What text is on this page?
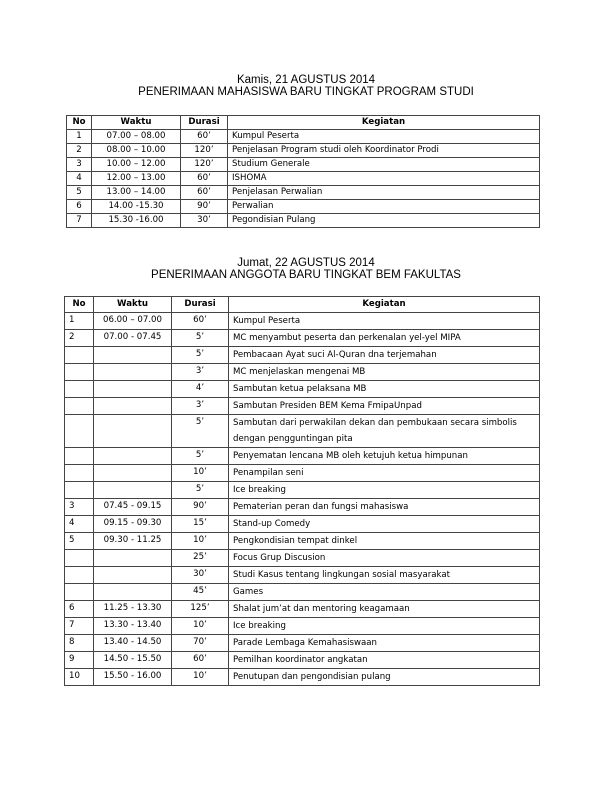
Kamis, 21 AGUSTUS 2014
PENERIMAAN MAHASISWA BARU TINGKAT PROGRAM STUDI
No	Waktu	Durasi	Kegiatan
1	07.00 – 08.00	60’	Kumpul Peserta
2	08.00 – 10.00	120’	Penjelasan Program studi oleh Koordinator Prodi
3	10.00 – 12.00	120’	Studium Generale
4	12.00 – 13.00	60’	ISHOMA
5	13.00 – 14.00	60’	Penjelasan Perwalian
6	14.00 -15.30	90’	Perwalian
7	15.30 -16.00	30’	Pegondisian Pulang
Jumat, 22 AGUSTUS 2014
PENERIMAAN ANGGOTA BARU TINGKAT BEM FAKULTAS
No	Waktu	Durasi	Kegiatan
1	06.00 – 07.00	60’	Kumpul Peserta
2	07.00 - 07.45	5’	MC menyambut peserta dan perkenalan yel-yel MIPA
		5’	Pembacaan Ayat suci Al-Quran dna terjemahan
		3’	MC menjelaskan mengenai MB
		4’	Sambutan ketua pelaksana MB
		3’	Sambutan Presiden BEM Kema FmipaUnpad
		5’	Sambutan dari perwakilan dekan dan pembukaan secara simbolis dengan pengguntingan pita
		5’	Penyematan lencana MB oleh ketujuh ketua himpunan
		10’	Penampilan seni
		5’	Ice breaking
3	07.45 - 09.15	90’	Pematerian peran dan fungsi mahasiswa
4	09.15 - 09.30	15’	Stand-up Comedy
5	09.30 - 11.25	10’	Pengkondisian tempat dinkel
		25’	Focus Grup Discusion
		30’	Studi Kasus tentang lingkungan sosial masyarakat
		45’	Games
6	11.25 - 13.30	125’	Shalat jum’at dan mentoring keagamaan
7	13.30 - 13.40	10’	Ice breaking
8	13.40 - 14.50	70’	Parade Lembaga Kemahasiswaan
9	14.50 - 15.50	60’	Pemilhan koordinator angkatan
10	15.50 - 16.00	10’	Penutupan dan pengondisian pulang
